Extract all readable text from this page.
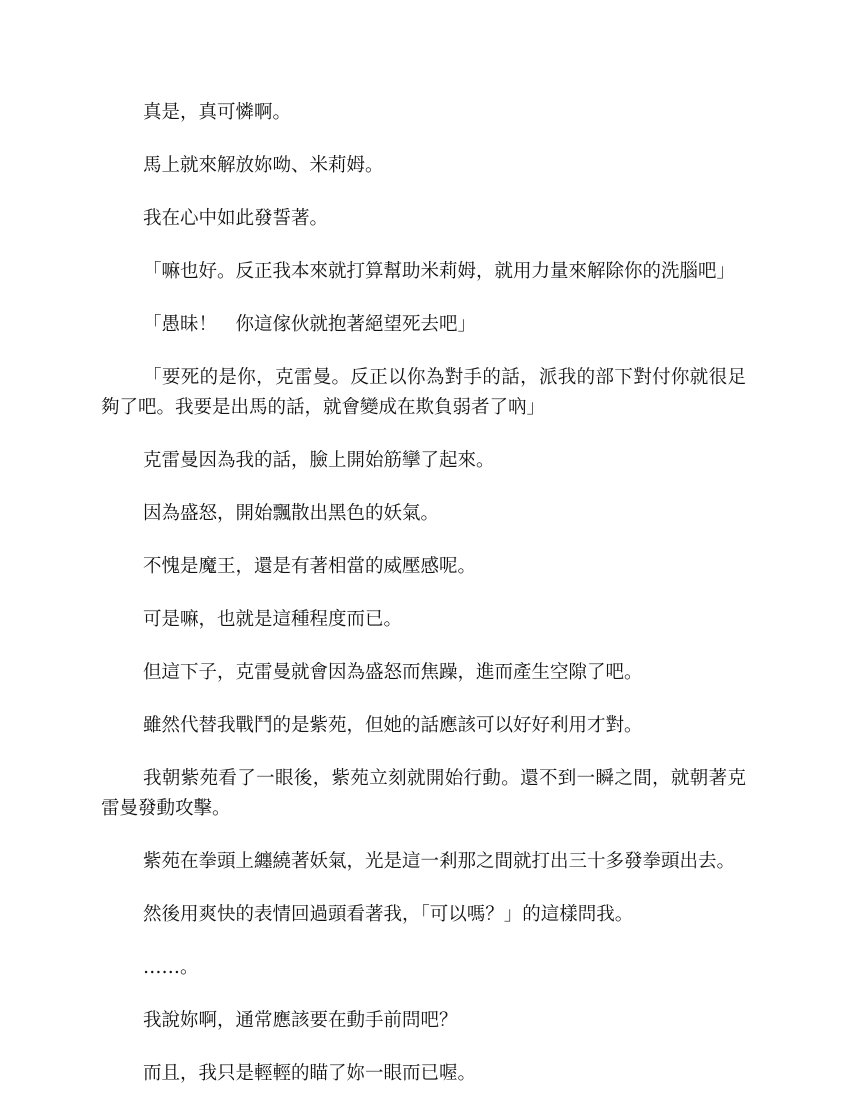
真是，真可憐啊。

馬上就來解放妳呦、米莉姆。

我在心中如此發誓著。

「嘛也好。反正我本來就打算幫助米莉姆，就用力量來解除你的洗腦吧」

「愚昧！　你這傢伙就抱著絕望死去吧」

「要死的是你，克雷曼。反正以你為對手的話，派我的部下對付你就很足夠了吧。我要是出馬的話，就會變成在欺負弱者了吶」

克雷曼因為我的話，臉上開始筋攣了起來。

因為盛怒，開始飄散出黑色的妖氣。

不愧是魔王，還是有著相當的威壓感呢。

可是嘛，也就是這種程度而已。

但這下子，克雷曼就會因為盛怒而焦躁，進而產生空隙了吧。

雖然代替我戰鬥的是紫苑，但她的話應該可以好好利用才對。

我朝紫苑看了一眼後，紫苑立刻就開始行動。還不到一瞬之間，就朝著克雷曼發動攻擊。

紫苑在拳頭上纏繞著妖氣，光是這一剎那之間就打出三十多發拳頭出去。

然後用爽快的表情回過頭看著我，「可以嗎？」的這樣問我。

……。

我說妳啊，通常應該要在動手前問吧？

而且，我只是輕輕的瞄了妳一眼而已喔。
